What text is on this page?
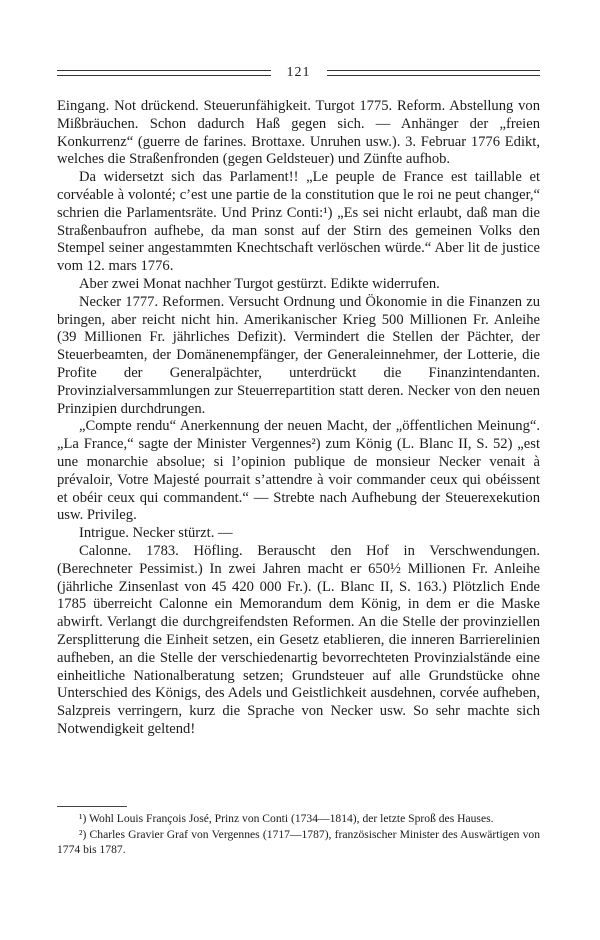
121

Eingang. Not drückend. Steuerunfähigkeit. Turgot 1775. Reform. Abstellung von Mißbräuchen. Schon dadurch Haß gegen sich. — Anhänger der „freien Konkurrenz“ (guerre de farines. Brottaxe. Unruhen usw.). 3. Februar 1776 Edikt, welches die Straßenfronden (gegen Geldsteuer) und Zünfte aufhob.

Da widersetzt sich das Parlament!! „Le peuple de France est taillable et corvéable à volonté; c’est une partie de la constitution que le roi ne peut changer,“ schrien die Parlamentsräte. Und Prinz Conti:¹) „Es sei nicht erlaubt, daß man die Straßenbaufron aufhebe, da man sonst auf der Stirn des gemeinen Volks den Stempel seiner angestammten Knechtschaft verlöschen würde.“ Aber lit de justice vom 12. mars 1776.

Aber zwei Monat nachher Turgot gestürzt. Edikte widerrufen.

Necker 1777. Reformen. Versucht Ordnung und Ökonomie in die Finanzen zu bringen, aber reicht nicht hin. Amerikanischer Krieg 500 Millionen Fr. Anleihe (39 Millionen Fr. jährliches Defizit). Vermindert die Stellen der Pächter, der Steuerbeamten, der Domänenempfänger, der Generaleinnehmer, der Lotterie, die Profite der Generalpächter, unterdrückt die Finanzintendanten. Provinzialversammlungen zur Steuerrepartition statt deren. Necker von den neuen Prinzipien durchdrungen.

„Compte rendu“ Anerkennung der neuen Macht, der „öffentlichen Meinung“. „La France,“ sagte der Minister Vergennes²) zum König (L. Blanc II, S. 52) „est une monarchie absolue; si l’opinion publique de monsieur Necker venait à prévaloir, Votre Majesté pourrait s’attendre à voir commander ceux qui obéissent et obéir ceux qui commandent.“ — Strebte nach Aufhebung der Steuerexekution usw. Privileg.

Intrigue. Necker stürzt. —

Calonne. 1783. Höfling. Berauscht den Hof in Verschwendungen. (Berechneter Pessimist.) In zwei Jahren macht er 650½ Millionen Fr. Anleihe (jährliche Zinsenlast von 45 420 000 Fr.). (L. Blanc II, S. 163.) Plötzlich Ende 1785 überreicht Calonne ein Memorandum dem König, in dem er die Maske abwirft. Verlangt die durchgreifendsten Reformen. An die Stelle der provinziellen Zersplitterung die Einheit setzen, ein Gesetz etablieren, die inneren Barrierelinien aufheben, an die Stelle der verschiedenartig bevorrechteten Provinzialstände eine einheitliche Nationalberatung setzen; Grundsteuer auf alle Grundstücke ohne Unterschied des Königs, des Adels und Geistlichkeit ausdehnen, corvée aufheben, Salzpreis verringern, kurz die Sprache von Necker usw. So sehr machte sich Notwendigkeit geltend!

¹) Wohl Louis François José, Prinz von Conti (1734—1814), der letzte Sproß des Hauses.

²) Charles Gravier Graf von Vergennes (1717—1787), französischer Minister des Auswärtigen von 1774 bis 1787.
